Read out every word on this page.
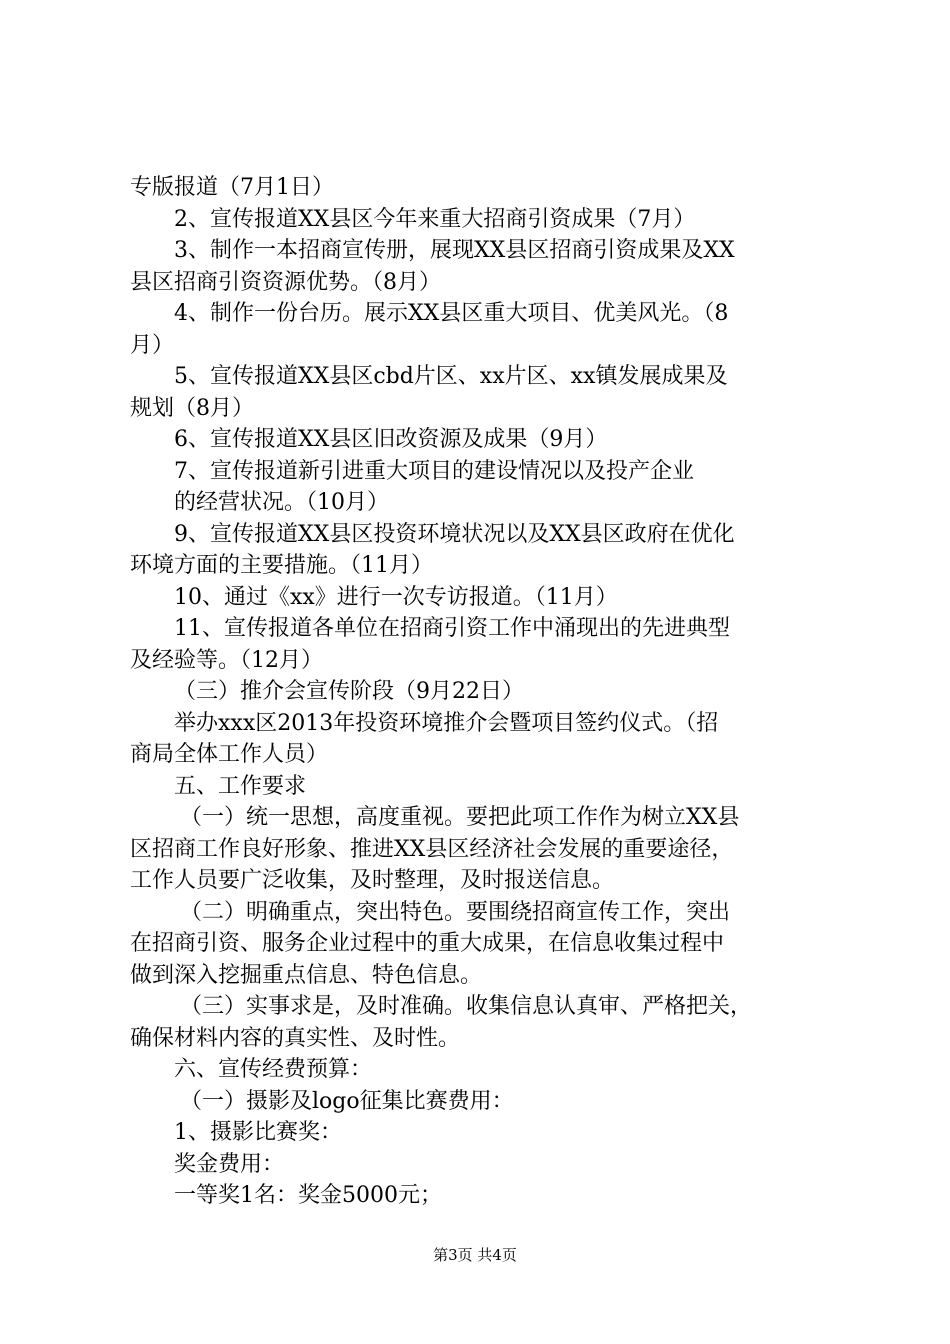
专版报道（7月1日）
2、宣传报道XX县区今年来重大招商引资成果（7月）
3、制作一本招商宣传册，展现XX县区招商引资成果及XX
县区招商引资资源优势。（8月）
4、制作一份台历。展示XX县区重大项目、优美风光。（8
月）
5、宣传报道XX县区cbd片区、xx片区、xx镇发展成果及
规划（8月）
6、宣传报道XX县区旧改资源及成果（9月）
7、宣传报道新引进重大项目的建设情况以及投产企业
的经营状况。（10月）
9、宣传报道XX县区投资环境状况以及XX县区政府在优化
环境方面的主要措施。（11月）
10、通过《xx》进行一次专访报道。（11月）
11、宣传报道各单位在招商引资工作中涌现出的先进典型
及经验等。（12月）
（三）推介会宣传阶段（9月22日）
举办xxx区2013年投资环境推介会暨项目签约仪式。（招
商局全体工作人员）
五、工作要求
（一）统一思想，高度重视。要把此项工作作为树立XX县
区招商工作良好形象、推进XX县区经济社会发展的重要途径，
工作人员要广泛收集，及时整理，及时报送信息。
（二）明确重点，突出特色。要围绕招商宣传工作，突出
在招商引资、服务企业过程中的重大成果，在信息收集过程中
做到深入挖掘重点信息、特色信息。
（三）实事求是，及时准确。收集信息认真审、严格把关，
确保材料内容的真实性、及时性。
六、宣传经费预算：
（一）摄影及logo征集比赛费用：
1、摄影比赛奖：
奖金费用：
一等奖1名：奖金5000元；
第3页 共4页
